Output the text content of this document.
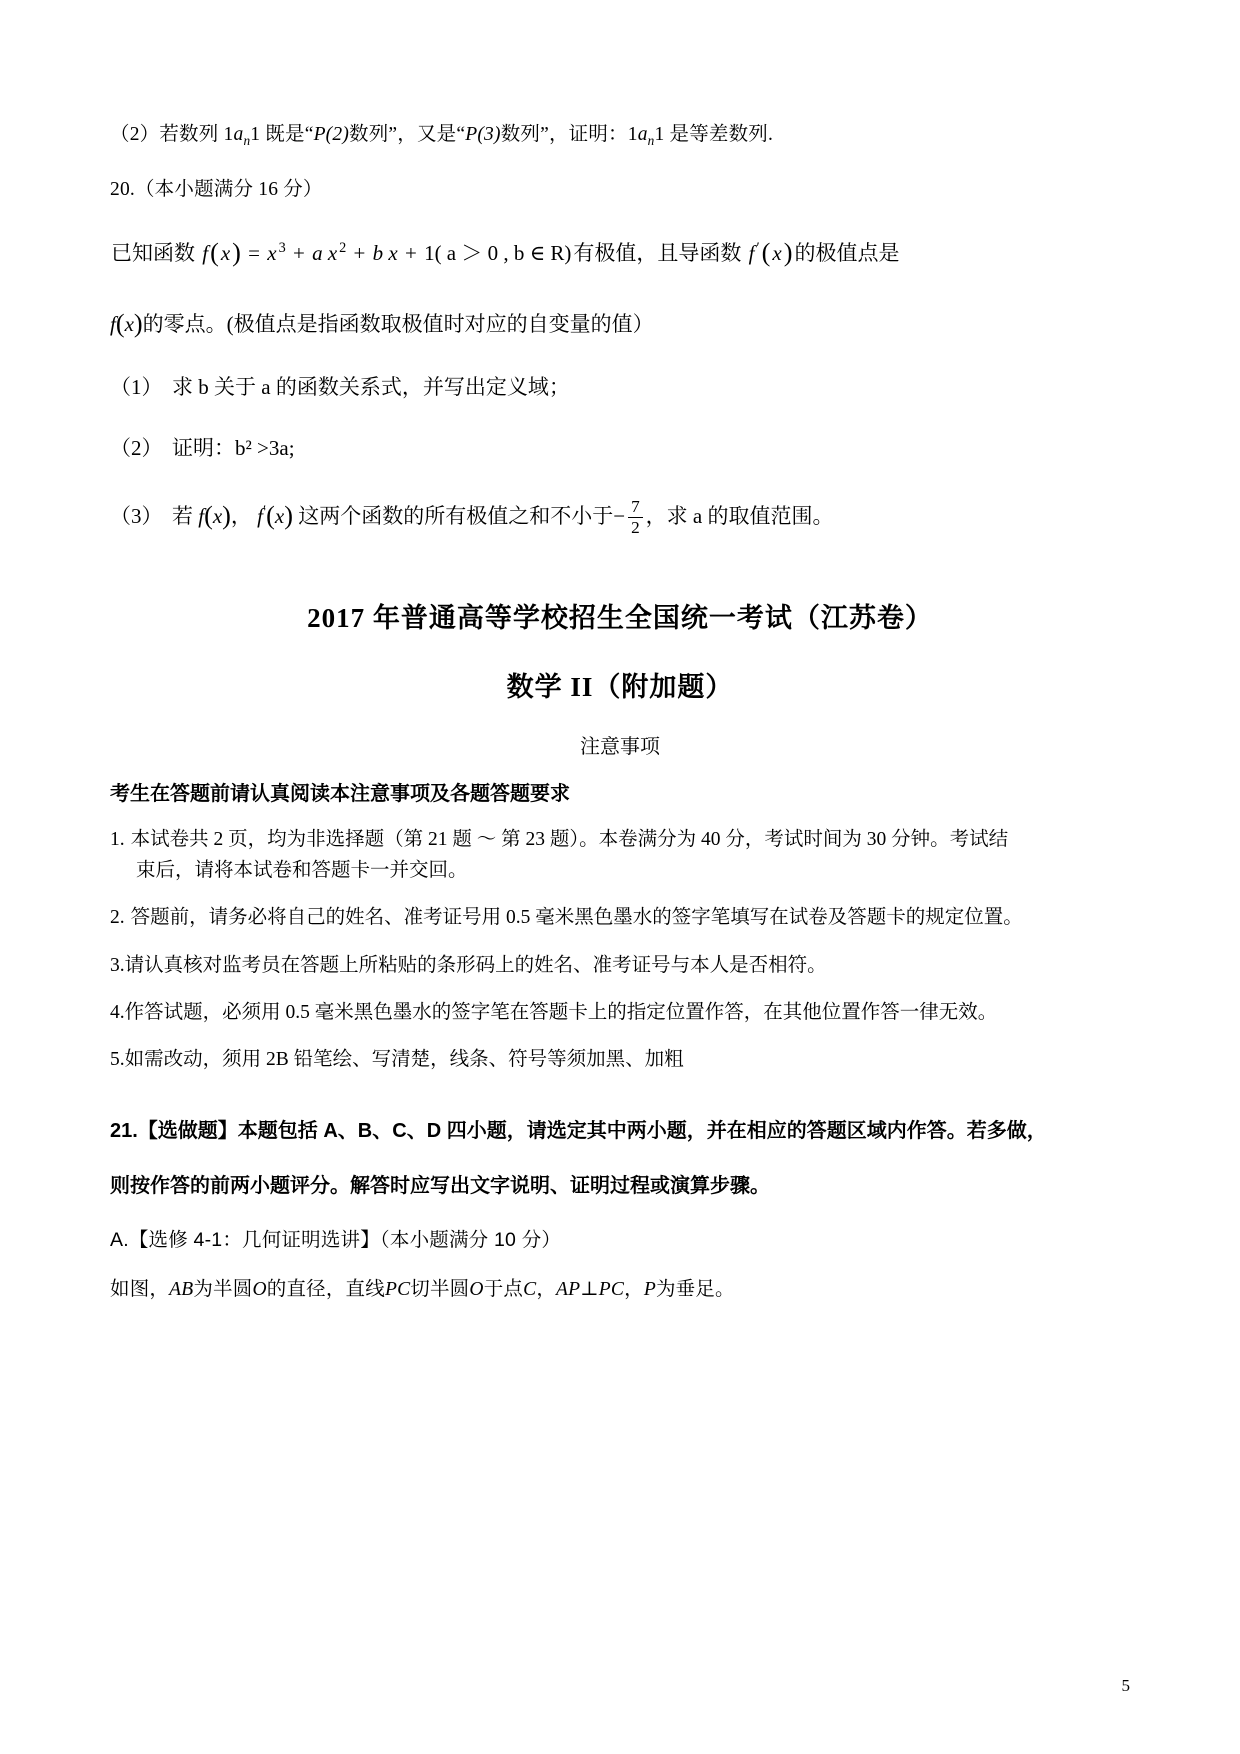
（2）若数列 $1a_n1$ 既是“P(2)数列”，又是“P(3)数列”，证明：$1a_n1$ 是等差数列.

20.（本小题满分 16 分）

已知函数 f(x) = x $^3$ + a x $^2$ + b x + 1( a ＞ 0 , b ∈ R)有极值，且导函数 f ′(x)的极值点是

f(x)的零点。(极值点是指函数取极值时对应的自变量的值）

（1） 求 b 关于 a 的函数关系式，并写出定义域；

（2） 证明：b² >3a;

（3） 若 f(x)， f′(x) 这两个函数的所有极值之和不小于− $\frac{7}{2}$ ，求 a 的取值范围。

2017 年普通高等学校招生全国统一考试（江苏卷）
数学 II（附加题）

注意事项

考生在答题前请认真阅读本注意事项及各题答题要求

1. 本试卷共 2 页，均为非选择题（第 21 题 ～ 第 23 题）。本卷满分为 40 分，考试时间为 30 分钟。考试结
束后，请将本试卷和答题卡一并交回。

2. 答题前，请务必将自己的姓名、准考证号用 0.5 毫米黑色墨水的签字笔填写在试卷及答题卡的规定位置。

3.请认真核对监考员在答题上所粘贴的条形码上的姓名、准考证号与本人是否相符。

4.作答试题，必须用 0.5 毫米黑色墨水的签字笔在答题卡上的指定位置作答，在其他位置作答一律无效。

5.如需改动，须用 2B 铅笔绘、写清楚，线条、符号等须加黑、加粗

21.【选做题】本题包括 A、B、C、D 四小题，请选定其中两小题，并在相应的答题区域内作答。若多做，

则按作答的前两小题评分。解答时应写出文字说明、证明过程或演算步骤。

A.【选修 4-1：几何证明选讲】（本小题满分 10 分）

如图，AB为半圆O的直径，直线PC切半圆O于点C，AP⊥PC，P为垂足。

5
